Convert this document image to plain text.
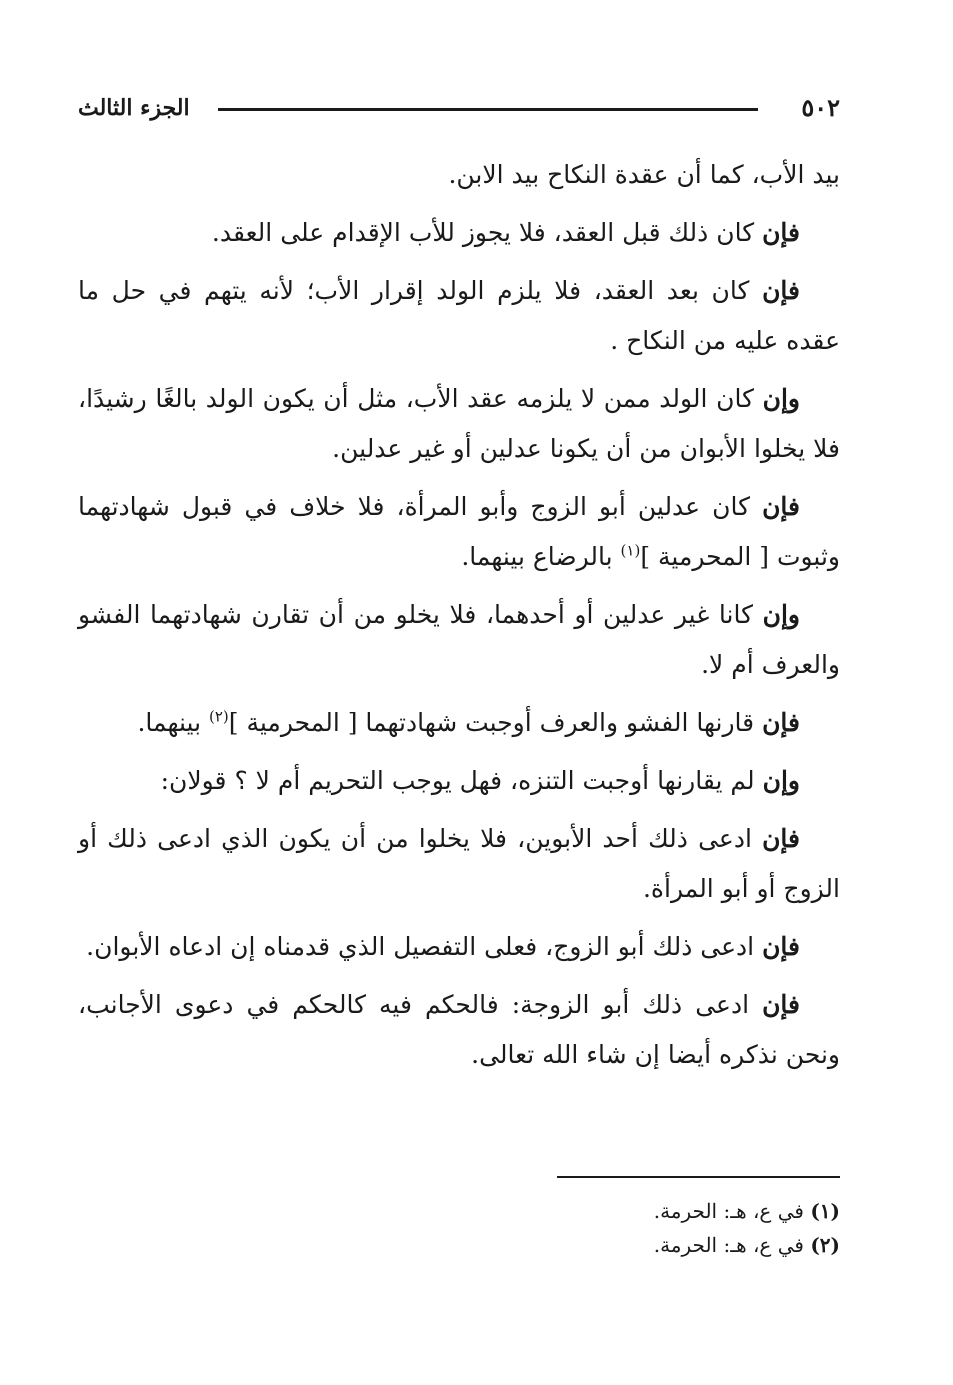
٥٠٢
الجزء الثالث

بيد الأب، كما أن عقدة النكاح بيد الابن.

فإن كان ذلك قبل العقد، فلا يجوز للأب الإقدام على العقد.

فإن كان بعد العقد، فلا يلزم الولد إقرار الأب؛ لأنه يتهم في حل ما عقده عليه من النكاح .

وإن كان الولد ممن لا يلزمه عقد الأب، مثل أن يكون الولد بالغًا رشيدًا، فلا يخلوا الأبوان من أن يكونا عدلين أو غير عدلين.

فإن كان عدلين أبو الزوج وأبو المرأة، فلا خلاف في قبول شهادتهما وثبوت [ المحرمية ]$^{(١)}$ بالرضاع بينهما.

وإن كانا غير عدلين أو أحدهما، فلا يخلو من أن تقارن شهادتهما الفشو والعرف أم لا.

فإن قارنها الفشو والعرف أوجبت شهادتهما [ المحرمية ]$^{(٢)}$ بينهما.

وإن لم يقارنها أوجبت التنزه، فهل يوجب التحريم أم لا ؟ قولان:

فإن ادعى ذلك أحد الأبوين، فلا يخلوا من أن يكون الذي ادعى ذلك أو الزوج أو أبو المرأة.

فإن ادعى ذلك أبو الزوج، فعلى التفصيل الذي قدمناه إن ادعاه الأبوان.

فإن ادعى ذلك أبو الزوجة: فالحكم فيه كالحكم في دعوى الأجانب، ونحن نذكره أيضا إن شاء الله تعالى.

(١) في ع، هـ: الحرمة.

(٢) في ع، هـ: الحرمة.
